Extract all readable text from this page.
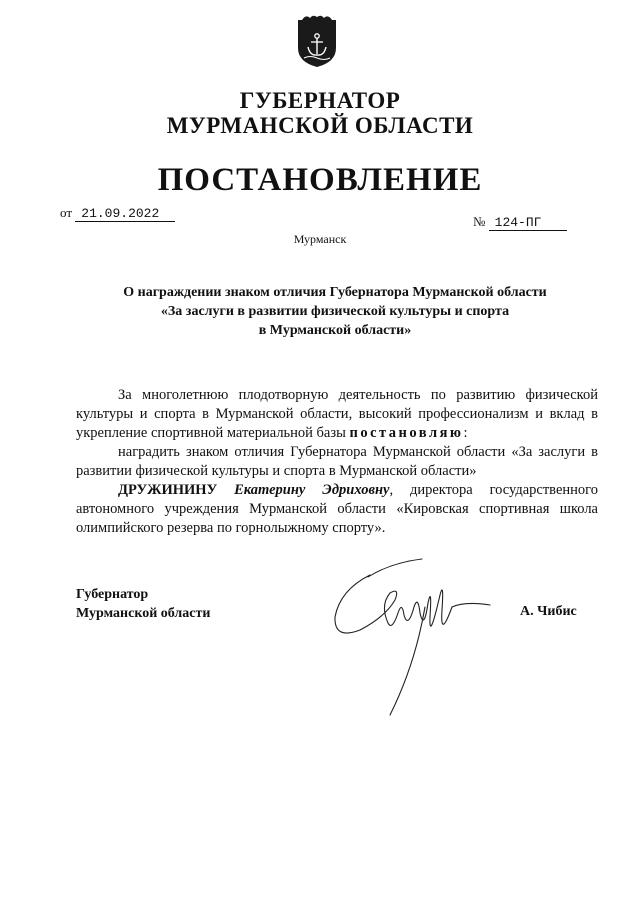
ГУБЕРНАТОР
МУРМАНСКОЙ ОБЛАСТИ
ПОСТАНОВЛЕНИЕ
от 21.09.2022
№ 124-ПГ
Мурманск
О награждении знаком отличия Губернатора Мурманской области
«За заслуги в развитии физической культуры и спорта
в Мурманской области»

За многолетнюю плодотворную деятельность по развитию физической культуры и спорта в Мурманской области, высокий профессионализм и вклад в укрепление спортивной материальной базы постановляю:

наградить знаком отличия Губернатора Мурманской области «За заслуги в развитии физической культуры и спорта в Мурманской области»

ДРУЖИНИНУ Екатерину Эдриховну, директора государственного автономного учреждения Мурманской области «Кировская спортивная школа олимпийского резерва по горнолыжному спорту».

Губернатор
Мурманской области	А. Чибис
